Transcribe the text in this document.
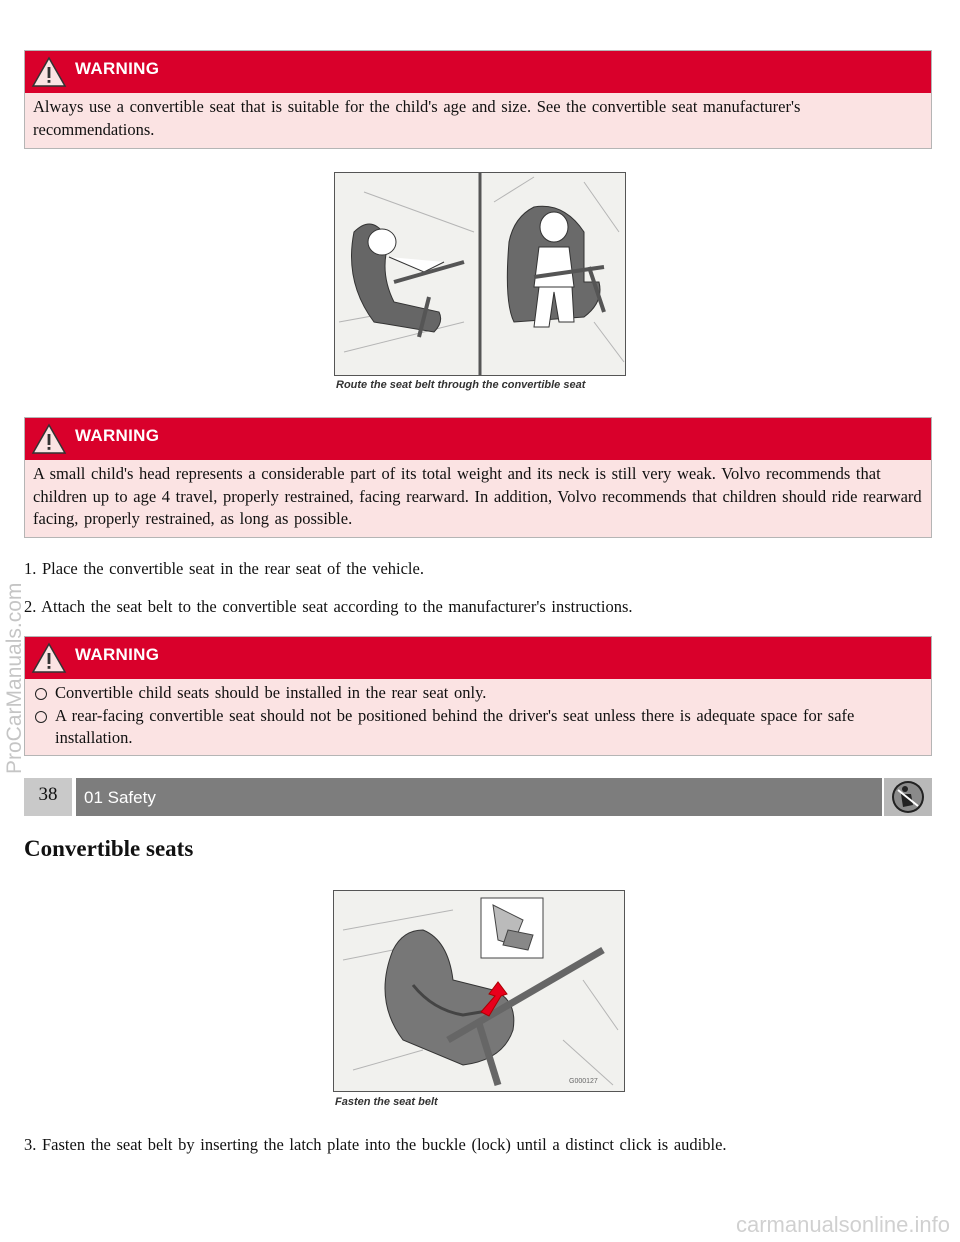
WARNING
Always use a convertible seat that is suitable for the child's age and size. See the convertible seat manufacturer's recommendations.
Route the seat belt through the convertible seat
WARNING
A small child's head represents a considerable part of its total weight and its neck is still very weak. Volvo recommends that children up to age 4 travel, properly restrained, facing rearward. In addition, Volvo recommends that children should ride rearward facing, properly restrained, as long as possible.
1. Place the convertible seat in the rear seat of the vehicle.
2. Attach the seat belt to the convertible seat according to the manufacturer's instructions.
WARNING
Convertible child seats should be installed in the rear seat only.
A rear-facing convertible seat should not be positioned behind the driver's seat unless there is adequate space for safe installation.
38	01 Safety
Convertible seats
G000127
Fasten the seat belt
3. Fasten the seat belt by inserting the latch plate into the buckle (lock) until a distinct click is audible.
ProCarManuals.com
carmanualsonline.info
